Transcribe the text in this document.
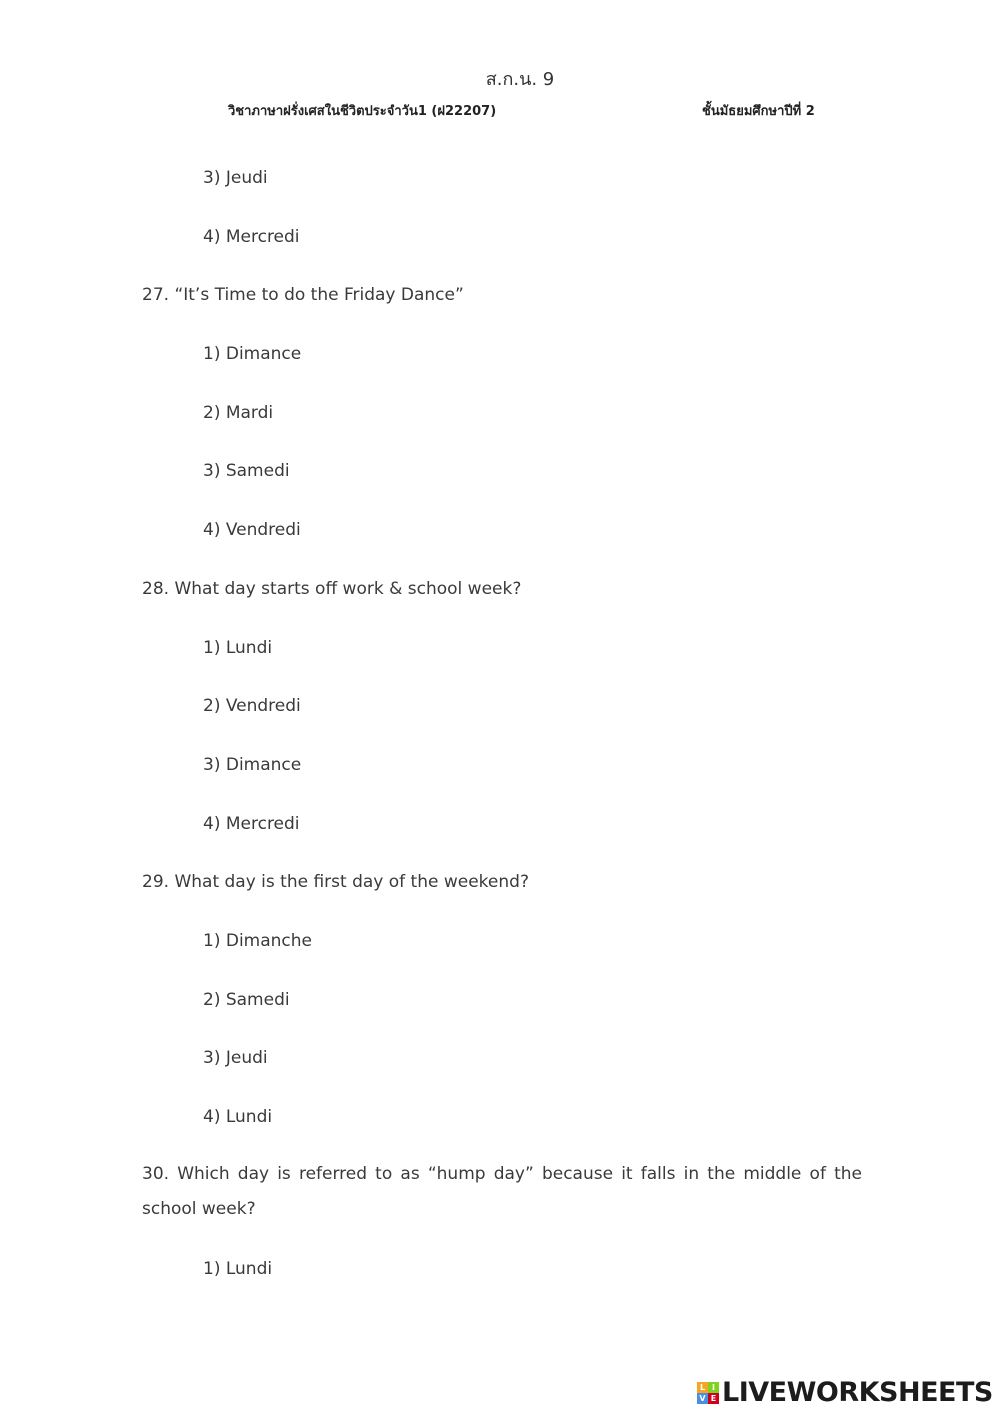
ส.ก.น. 9
วิชาภาษาฝรั่งเศสในชีวิตประจำวัน1 (ฝ22207)	ชั้นมัธยมศึกษาปีที่ 2
3) Jeudi
4) Mercredi
27. “It’s Time to do the Friday Dance”
1) Dimance
2) Mardi
3) Samedi
4) Vendredi
28. What day starts off work & school week?
1) Lundi
2) Vendredi
3) Dimance
4) Mercredi
29. What day is the first day of the weekend?
1) Dimanche
2) Samedi
3) Jeudi
4) Lundi
30. Which day is referred to as “hump day” because it falls in the middle of the school week?
1) Lundi
L I
V E LIVEWORKSHEETS
